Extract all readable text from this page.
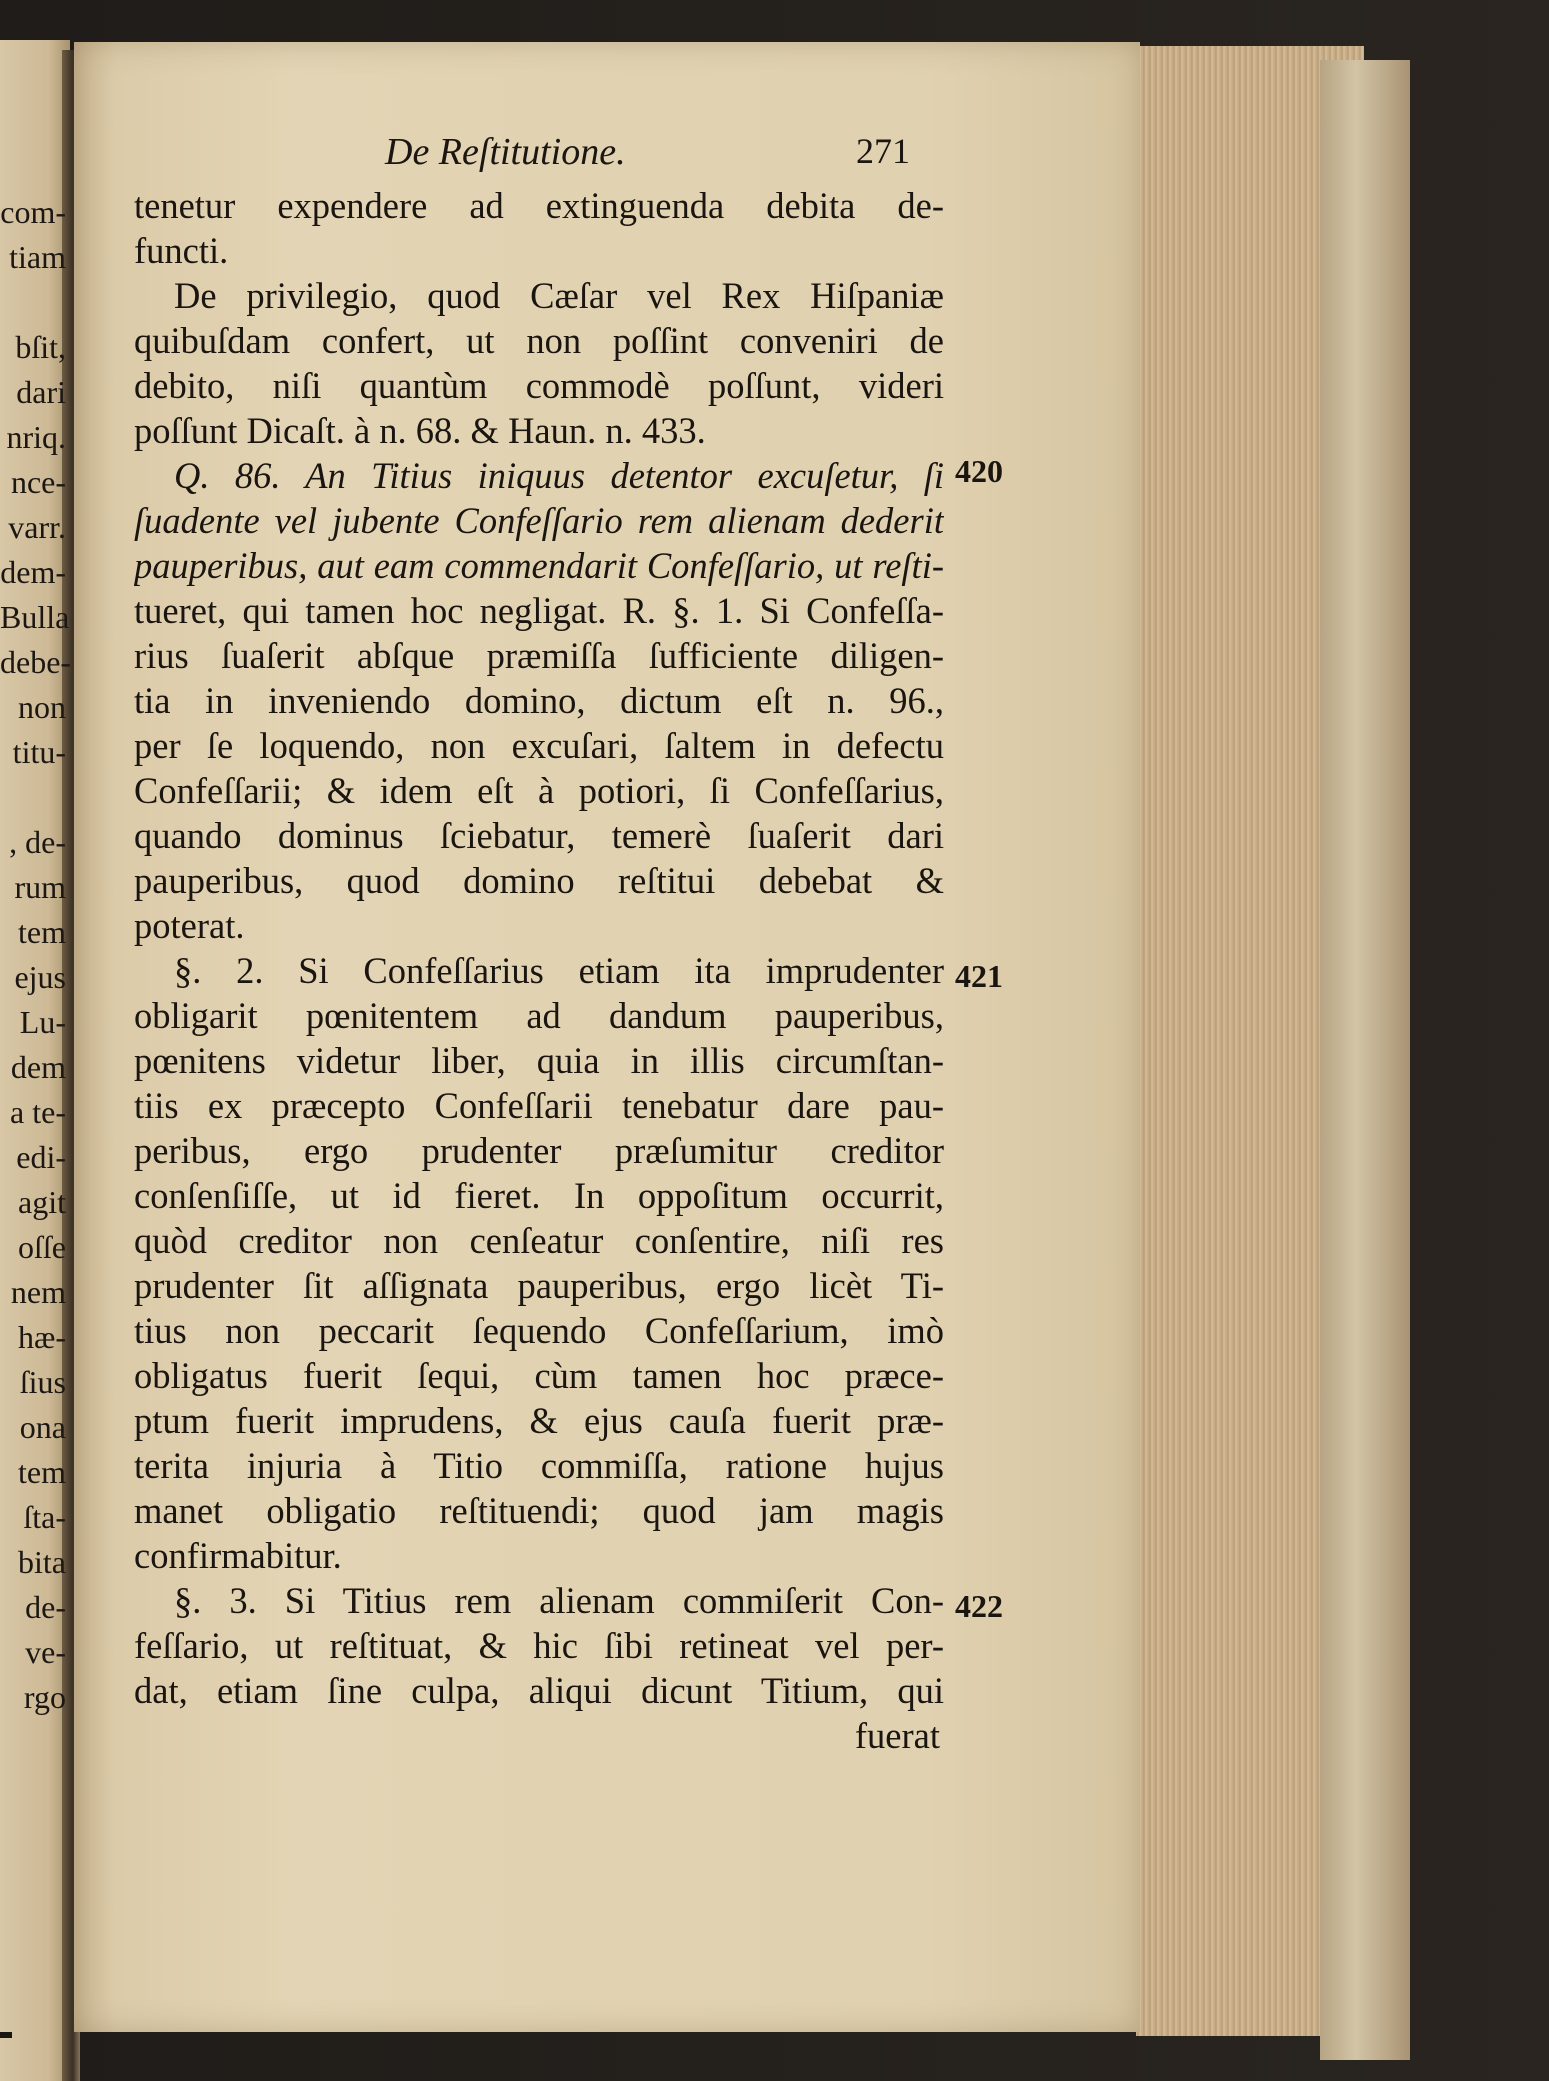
com-
tiam
bſit,
dari
nriq.
nce-
varr.
dem-
Bulla
debe-
non
titu-
, de-
rum
tem
ejus
Lu-
dem
a te-
edi-
agit
oſſe
nem
hæ-
ſius
ona
tem
ſta-
bita
de-
ve-
rgo
De Reſtitutione.	271
tenetur expendere ad extinguenda debita de-
functi.
De privilegio, quod Cæſar vel Rex Hiſpaniæ
quibuſdam confert, ut non poſſint conveniri de
debito, niſi quantùm commodè poſſunt, videri
poſſunt Dicaſt. à n. 68. & Haun. n. 433.
Q. 86. An Titius iniquus detentor excuſetur, ſi
ſuadente vel jubente Confeſſario rem alienam dederit
pauperibus, aut eam commendarit Confeſſario, ut reſti-
tueret, qui tamen hoc negligat. R. §. 1. Si Confeſſa-
rius ſuaſerit abſque præmiſſa ſufficiente diligen-
tia in inveniendo domino, dictum eſt n. 96.,
per ſe loquendo, non excuſari, ſaltem in defectu
Confeſſarii; & idem eſt à potiori, ſi Confeſſarius,
quando dominus ſciebatur, temerè ſuaſerit dari
pauperibus, quod domino reſtitui debebat &
poterat.
§. 2. Si Confeſſarius etiam ita imprudenter
obligarit pœnitentem ad dandum pauperibus,
pœnitens videtur liber, quia in illis circumſtan-
tiis ex præcepto Confeſſarii tenebatur dare pau-
peribus, ergo prudenter præſumitur creditor
conſenſiſſe, ut id fieret. In oppoſitum occurrit,
quòd creditor non cenſeatur conſentire, niſi res
prudenter ſit aſſignata pauperibus, ergo licèt Ti-
tius non peccarit ſequendo Confeſſarium, imò
obligatus fuerit ſequi, cùm tamen hoc præce-
ptum fuerit imprudens, & ejus cauſa fuerit præ-
terita injuria à Titio commiſſa, ratione hujus
manet obligatio reſtituendi; quod jam magis
confirmabitur.
§. 3. Si Titius rem alienam commiſerit Con-
feſſario, ut reſtituat, & hic ſibi retineat vel per-
dat, etiam ſine culpa, aliqui dicunt Titium, qui
fuerat
420
421
422
